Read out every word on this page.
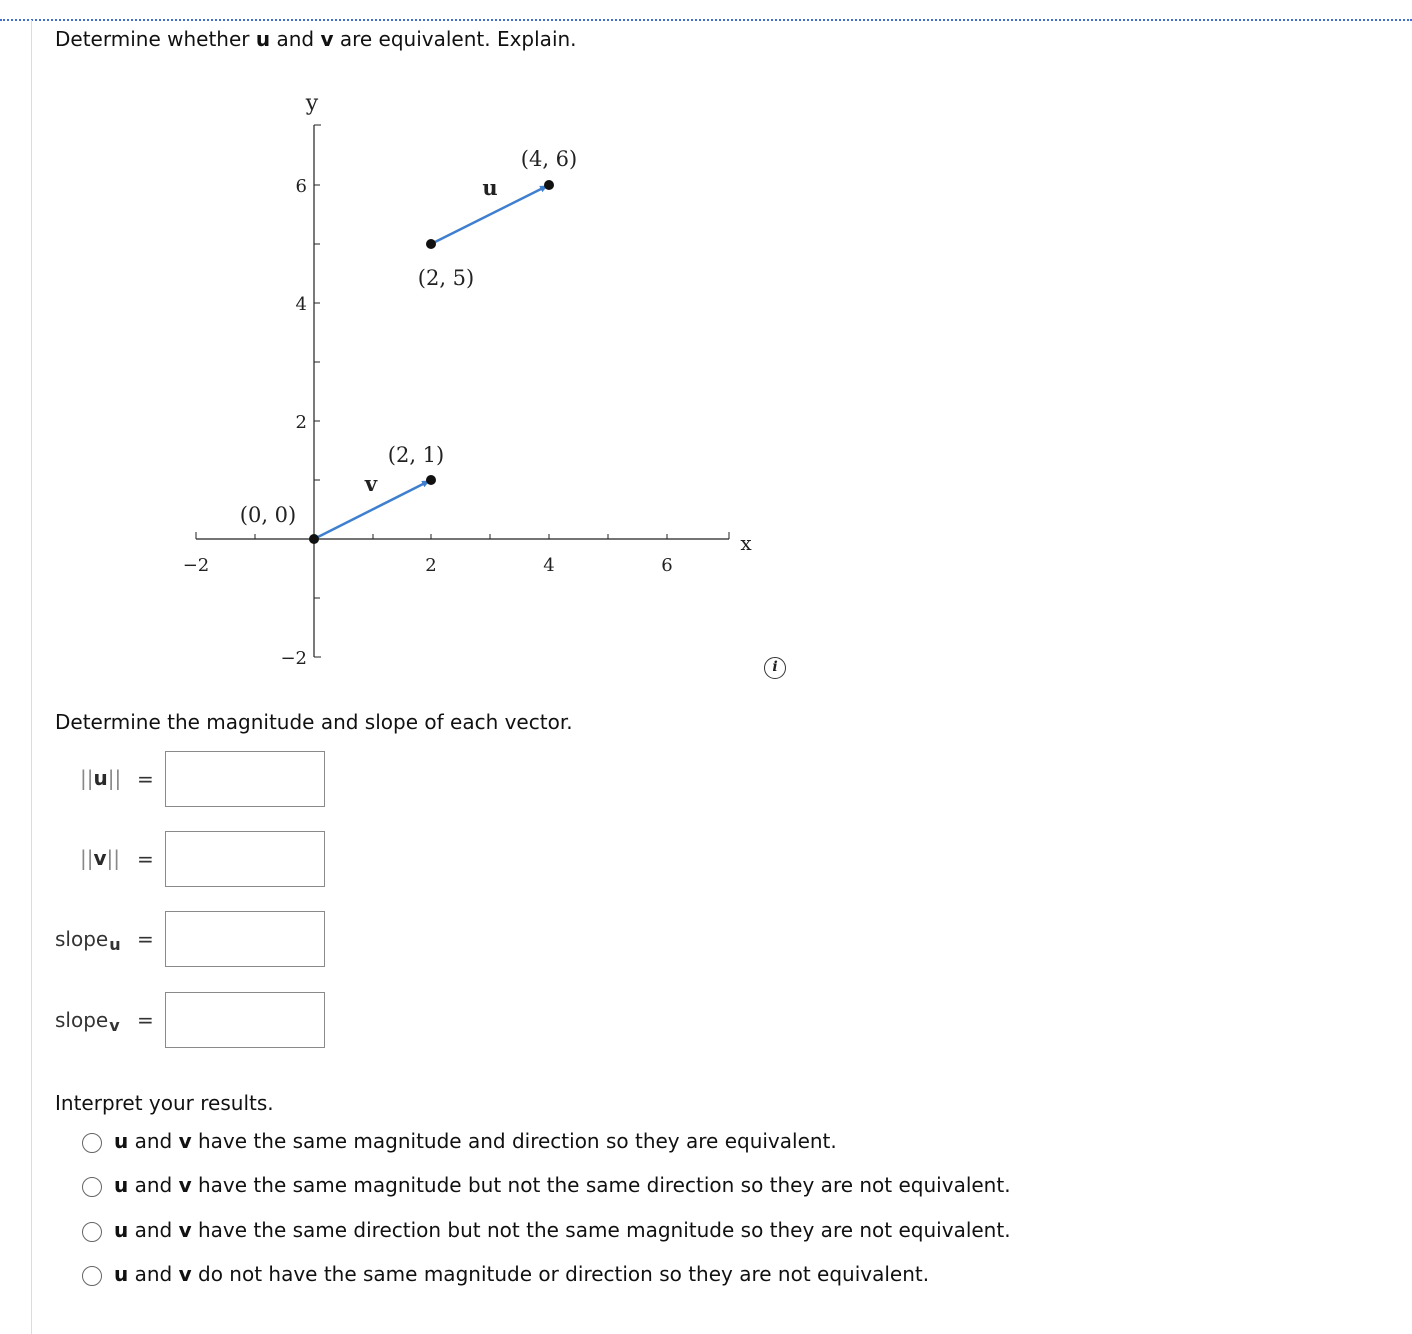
Determine whether u and v are equivalent. Explain.
y
x
−2	2	4	6
6
4
2
−2
(0, 0)
(2, 1)
v
(2, 5)
(4, 6)
u
i
Determine the magnitude and slope of each vector.
||u|| =
||v|| =
slope$_u$ =
slope$_v$ =
Interpret your results.
u and v have the same magnitude and direction so they are equivalent.
u and v have the same magnitude but not the same direction so they are not equivalent.
u and v have the same direction but not the same magnitude so they are not equivalent.
u and v do not have the same magnitude or direction so they are not equivalent.
